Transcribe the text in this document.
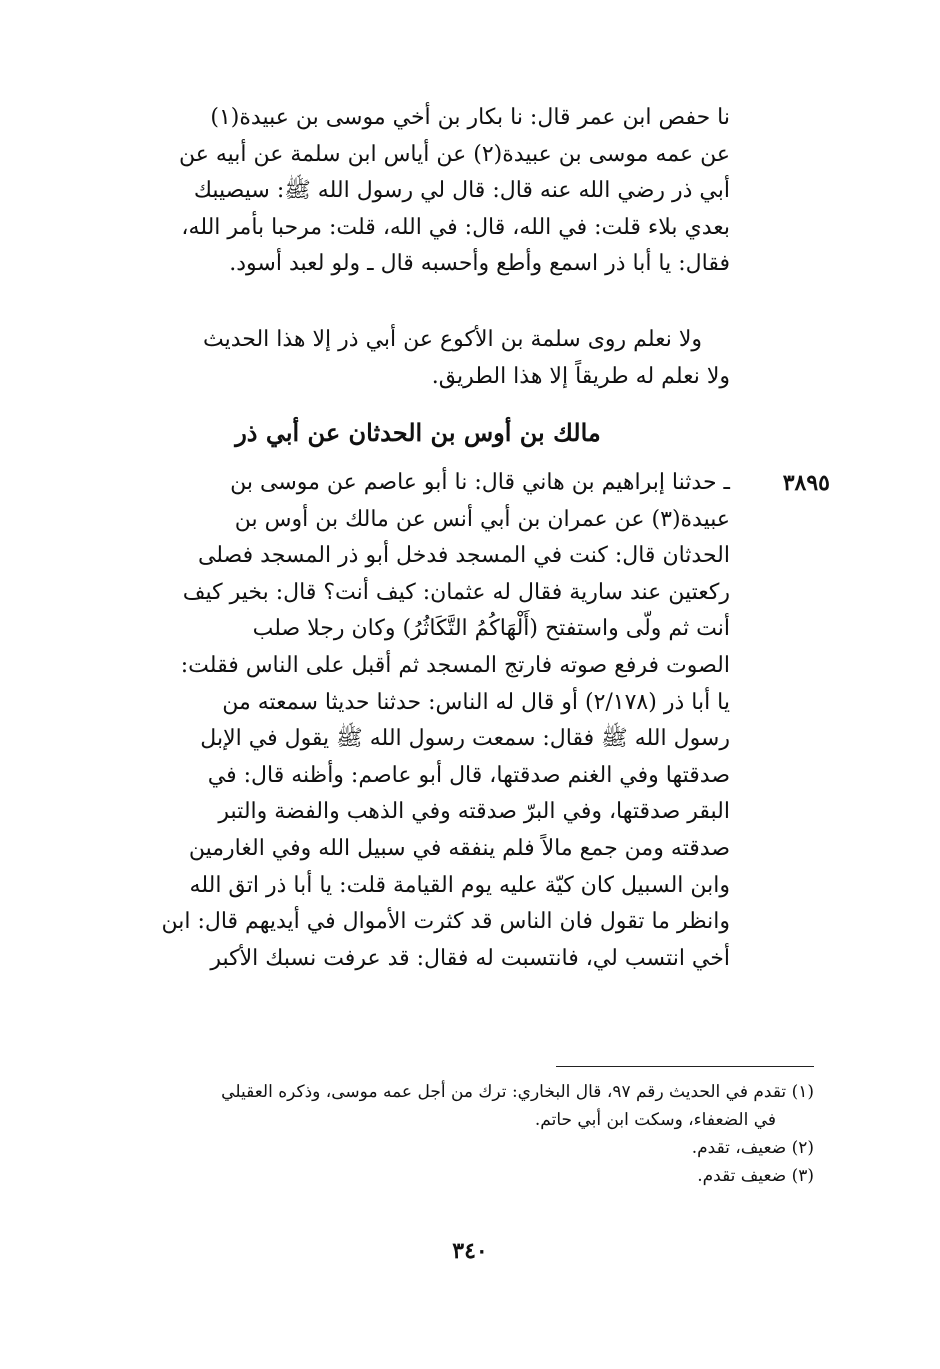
نا حفص ابن عمر قال: نا بكار بن أخي موسى بن عبيدة(١)
عن عمه موسى بن عبيدة(٢) عن أياس ابن سلمة عن أبيه عن
أبي ذر رضي الله عنه قال: قال لي رسول الله ﷺ: سيصيبك
بعدي بلاء قلت: في الله، قال: في الله، قلت: مرحبا بأمر الله،
فقال: يا أبا ذر اسمع وأطع وأحسبه قال ـ ولو لعبد أسود.
ولا نعلم روى سلمة بن الأكوع عن أبي ذر إلا هذا الحديث
ولا نعلم له طريقاً إلا هذا الطريق.
مالك بن أوس بن الحدثان عن أبي ذر
٣٨٩٥
ـ حدثنا إبراهيم بن هاني قال: نا أبو عاصم عن موسى بن
عبيدة(٣) عن عمران بن أبي أنس عن مالك بن أوس بن
الحدثان قال: كنت في المسجد فدخل أبو ذر المسجد فصلى
ركعتين عند سارية فقال له عثمان: كيف أنت؟ قال: بخير كيف
أنت ثم ولّى واستفتح (أَلْهَاكُمُ التَّكَاثُرُ) وكان رجلا صلب
الصوت فرفع صوته فارتج المسجد ثم أقبل على الناس فقلت:
يا أبا ذر (٢/١٧٨) أو قال له الناس: حدثنا حديثا سمعته من
رسول الله ﷺ فقال: سمعت رسول الله ﷺ يقول في الإبل
صدقتها وفي الغنم صدقتها، قال أبو عاصم: وأظنه قال: في
البقر صدقتها، وفي البرّ صدقته وفي الذهب والفضة والتبر
صدقته ومن جمع مالاً فلم ينفقه في سبيل الله وفي الغارمين
وابن السبيل كان كيّة عليه يوم القيامة قلت: يا أبا ذر اتق الله
وانظر ما تقول فان الناس قد كثرت الأموال في أيديهم قال: ابن
أخي انتسب لي، فانتسبت له فقال: قد عرفت نسبك الأكبر
(١) تقدم في الحديث رقم ٩٧، قال البخاري: ترك من أجل عمه موسى، وذكره العقيلي
في الضعفاء، وسكت ابن أبي حاتم.
(٢) ضعيف، تقدم.
(٣) ضعيف تقدم.
٣٤٠
